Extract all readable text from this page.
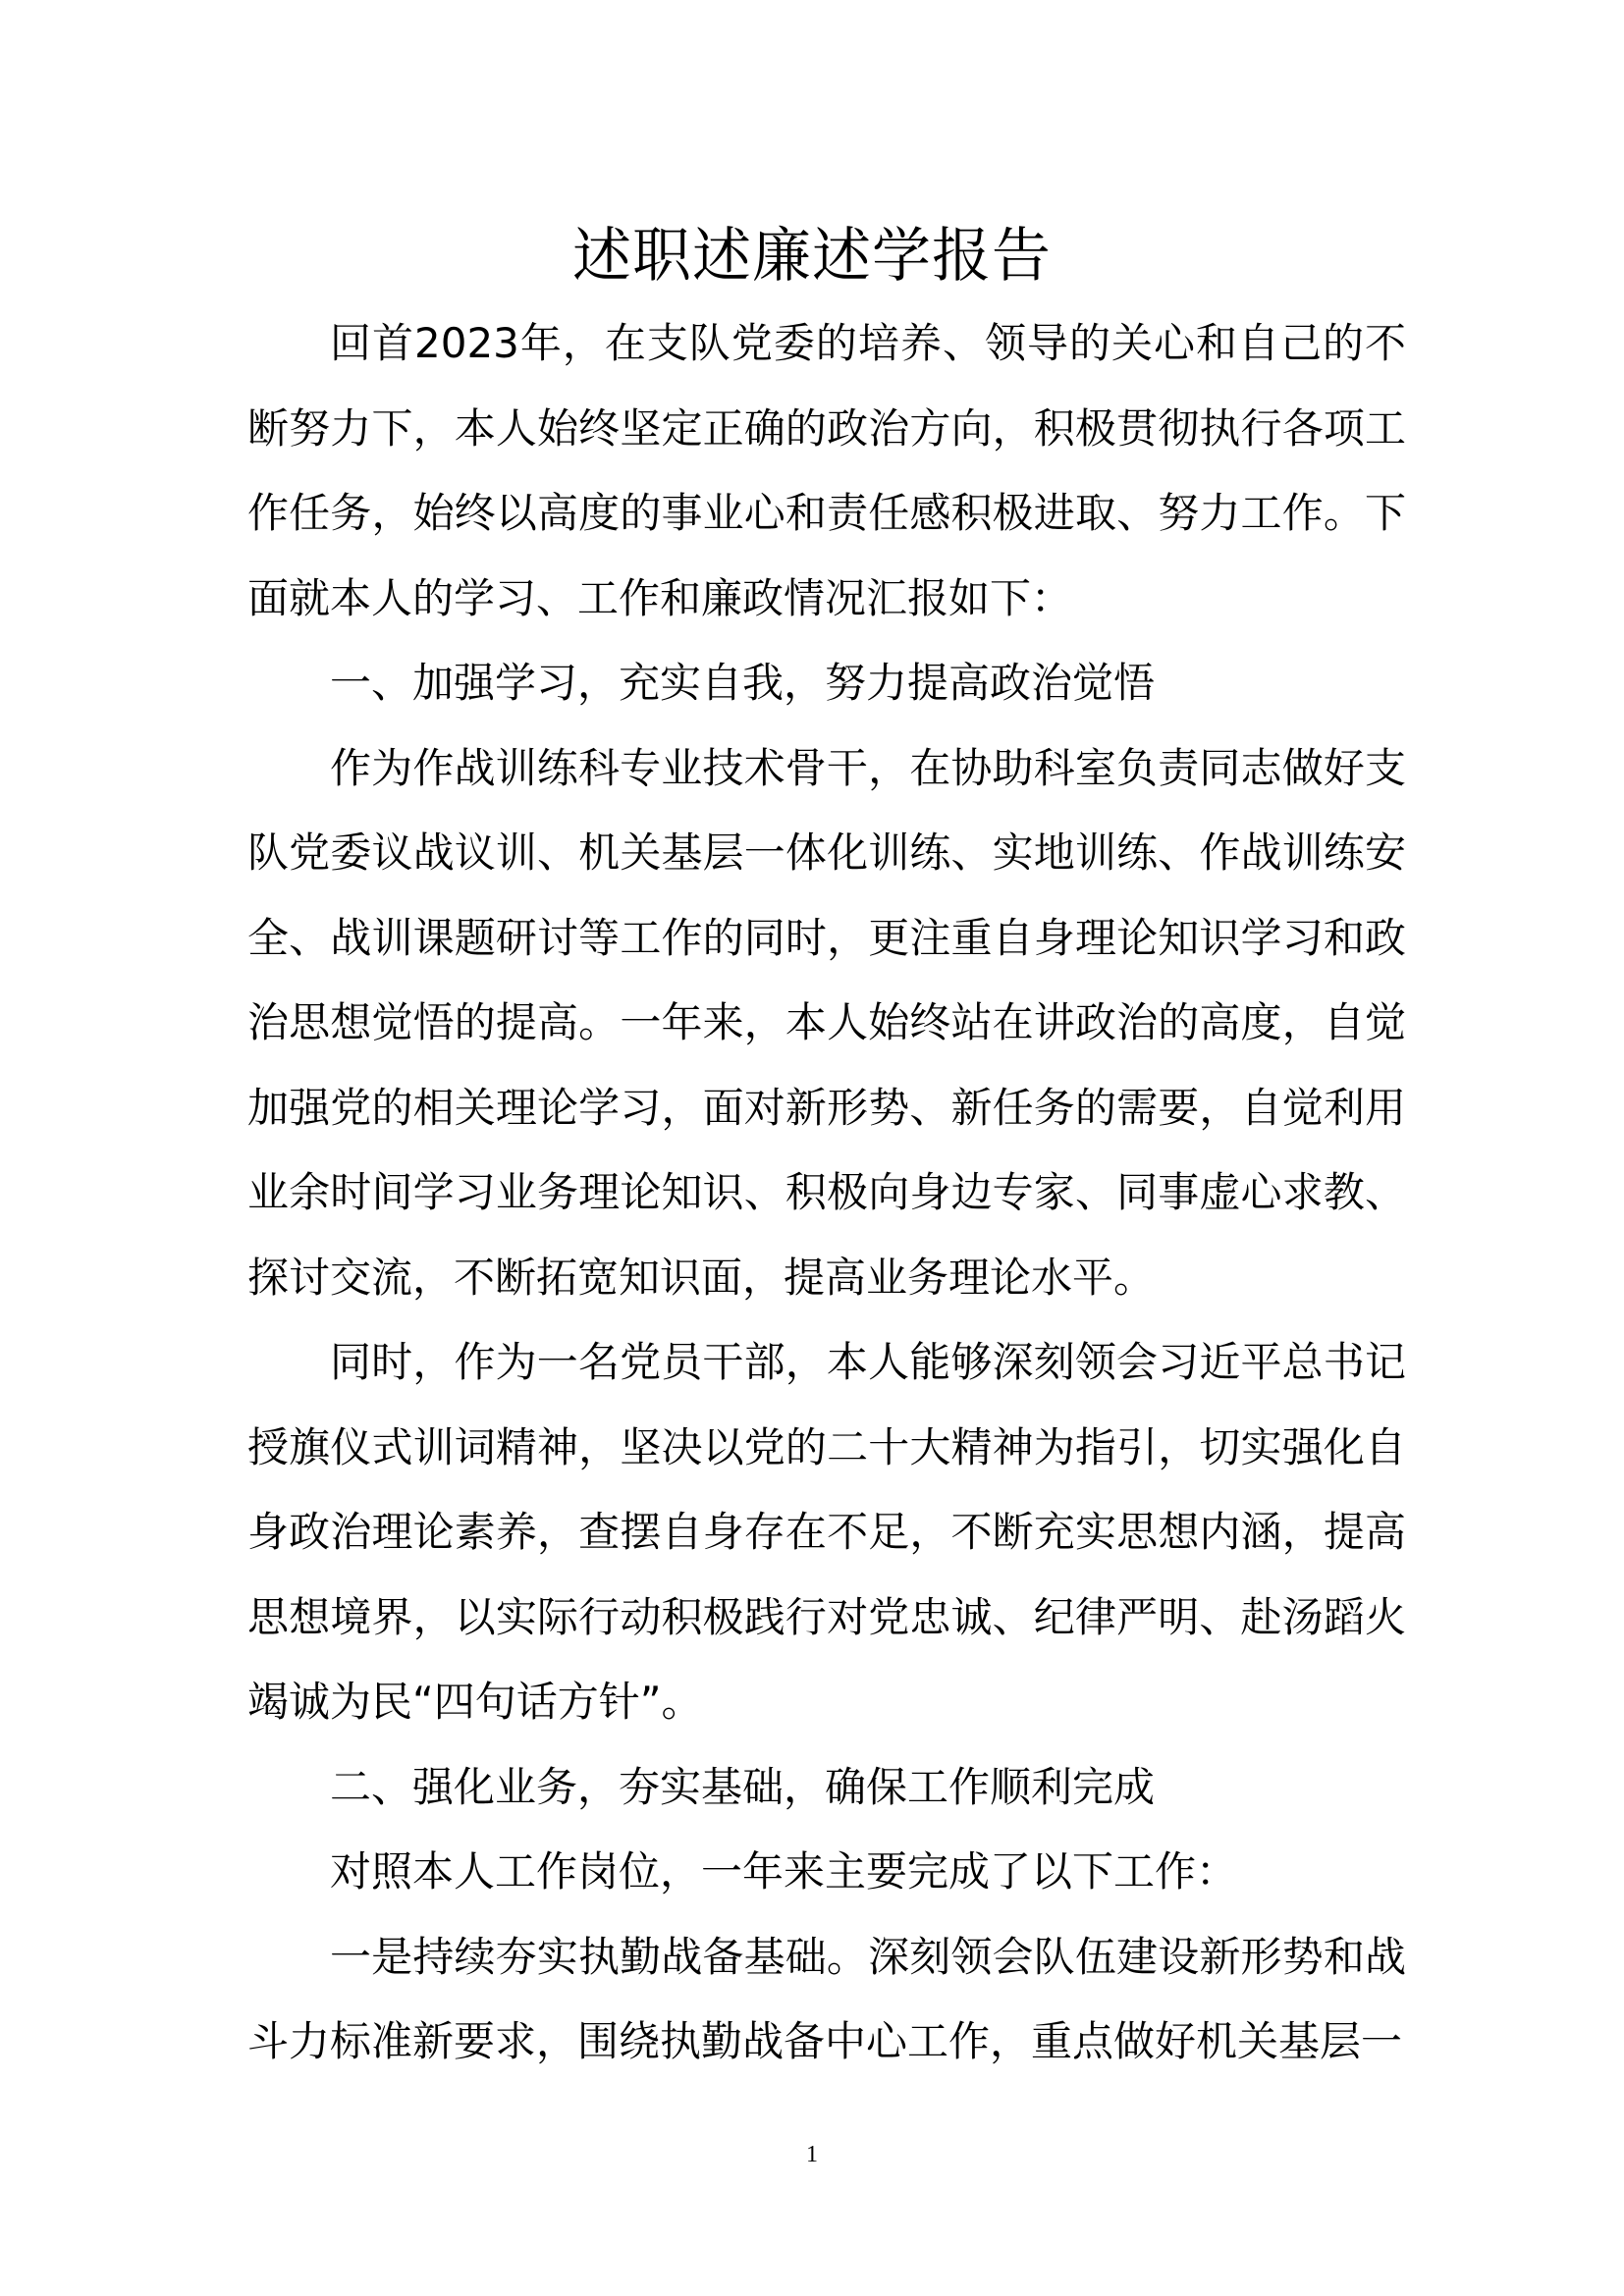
述职述廉述学报告

回首2023年，在支队党委的培养、领导的关心和自己的不断努力下，本人始终坚定正确的政治方向，积极贯彻执行各项工作任务，始终以高度的事业心和责任感积极进取、努力工作。下面就本人的学习、工作和廉政情况汇报如下：

一、加强学习，充实自我，努力提高政治觉悟

作为作战训练科专业技术骨干，在协助科室负责同志做好支队党委议战议训、机关基层一体化训练、实地训练、作战训练安全、战训课题研讨等工作的同时，更注重自身理论知识学习和政治思想觉悟的提高。一年来，本人始终站在讲政治的高度，自觉加强党的相关理论学习，面对新形势、新任务的需要，自觉利用业余时间学习业务理论知识、积极向身边专家、同事虚心求教、探讨交流，不断拓宽知识面，提高业务理论水平。

同时，作为一名党员干部，本人能够深刻领会习近平总书记授旗仪式训词精神，坚决以党的二十大精神为指引，切实强化自身政治理论素养，查摆自身存在不足，不断充实思想内涵，提高思想境界，以实际行动积极践行对党忠诚、纪律严明、赴汤蹈火竭诚为民“四句话方针”。

二、强化业务，夯实基础，确保工作顺利完成

对照本人工作岗位，一年来主要完成了以下工作：

一是持续夯实执勤战备基础。深刻领会队伍建设新形势和战斗力标准新要求，围绕执勤战备中心工作，重点做好机关基层一

1
